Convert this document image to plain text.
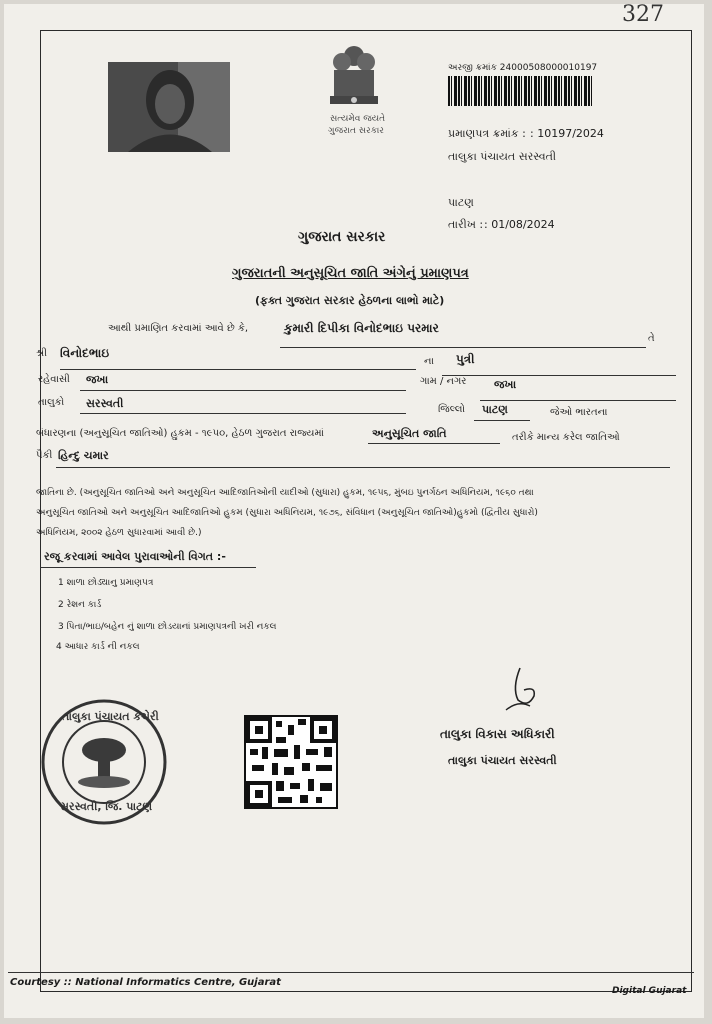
327
સત્યમેવ જયતે
ગુજરાત સરકાર
અરજી ક્રમાંક 24000508000010197
પ્રમાણપત્ર ક્રમાંક : : 10197/2024
તાલુકા પંચાયત સરસ્વતી
પાટણ
તારીખ : : 01/08/2024
ગુજરાત સરકાર
ગુજરાતની અનુસૂચિત જાતિ અંગેનું પ્રમાણપત્ર
(ફક્ત ગુજરાત સરકાર હેઠળના લાભો માટે)
આથી પ્રમાણિત કરવામાં આવે છે કે,	કુમારી દિપીકા વિનોદભાઇ પરમાર
તે
શ્રી વિનોદભાઇ
ના પુત્રી
રહેવાસી જખા	ગામ / નગર	જખા
તાલુકો સરસ્વતી	જિલ્લો પાટણ	જેઓ ભારતના
બંધારણના (અનુસૂચિત જાતિઓ) હુકમ - ૧૯૫૦, હેઠળ ગુજરાત રાજ્યમાં	અનુસૂચિત જાતિ	તરીકે માન્ય કરેલ જાતિઓ
પૈકી હિન્દુ ચમાર
જાતિના છે. (અનુસૂચિત જાતિઓ અને અનુસૂચિત આદિજાતિઓની યાદીઓ (સુધારા) હુકમ, ૧૯૫૬, મુંબઇ પુનર્ગઠન અધિનિયમ, ૧૯૬૦ તથા
અનુસૂચિત જાતિઓ અને અનુસૂચિત આદિજાતિઓ હુકમ (સુધારા અધિનિયમ, ૧૯૭૬, સંવિધાન (અનુસૂચિત જાતિઓ)હુકમો (દ્વિતીય સુધારો)
અધિનિયમ, ૨૦૦૨ હેઠળ સુધારવામાં આવી છે.)
રજૂ કરવામાં આવેલ પુરાવાઓની વિગત :-
1 શાળા છોડ્યાનુ પ્રમાણપત્ર
2 રેશન કાર્ડ
3 પિતા/ભાઇ/બહેન નું શાળા છોડયાનાં પ્રમાણપત્રની ખરી નકલ
4 આધાર કાર્ડ ની નકલ
તાલુકા પંચાયત કચેરી
સરસ્વતી, જિ. પાટણ
તાલુકા વિકાસ અધિકારી
તાલુકા પંચાયત સરસ્વતી
Courtesy :: National Informatics Centre, Gujarat
Digital Gujarat
